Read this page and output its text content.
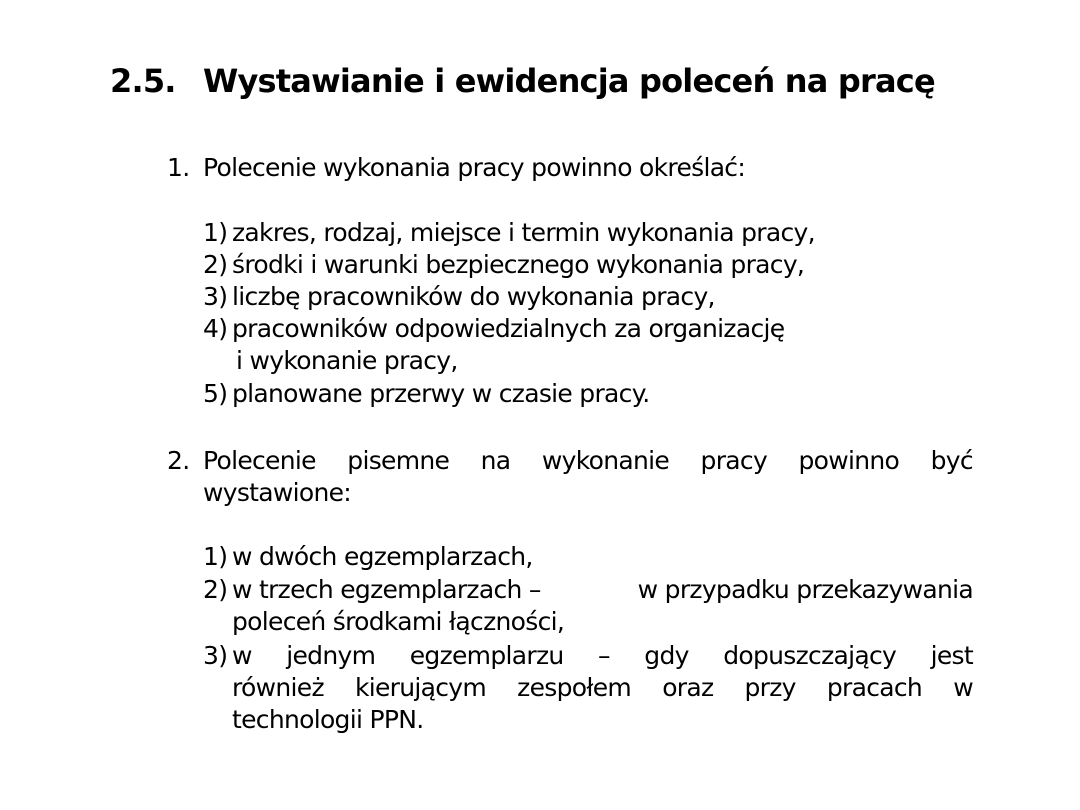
2.5. Wystawianie i ewidencja poleceń na pracę
1. Polecenie wykonania pracy powinno określać:
1) zakres, rodzaj, miejsce i termin wykonania pracy,
2) środki i warunki bezpiecznego wykonania pracy,
3) liczbę pracowników do wykonania pracy,
4) pracowników odpowiedzialnych za organizację
i wykonanie pracy,
5) planowane przerwy w czasie pracy.
2. Polecenie pisemne na wykonanie pracy powinno być
wystawione:
1) w dwóch egzemplarzach,
2) w trzech egzemplarzach –	w przypadku przekazywania
poleceń środkami łączności,
3) w jednym egzemplarzu – gdy dopuszczający jest
również kierującym zespołem oraz przy pracach w
technologii PPN.
